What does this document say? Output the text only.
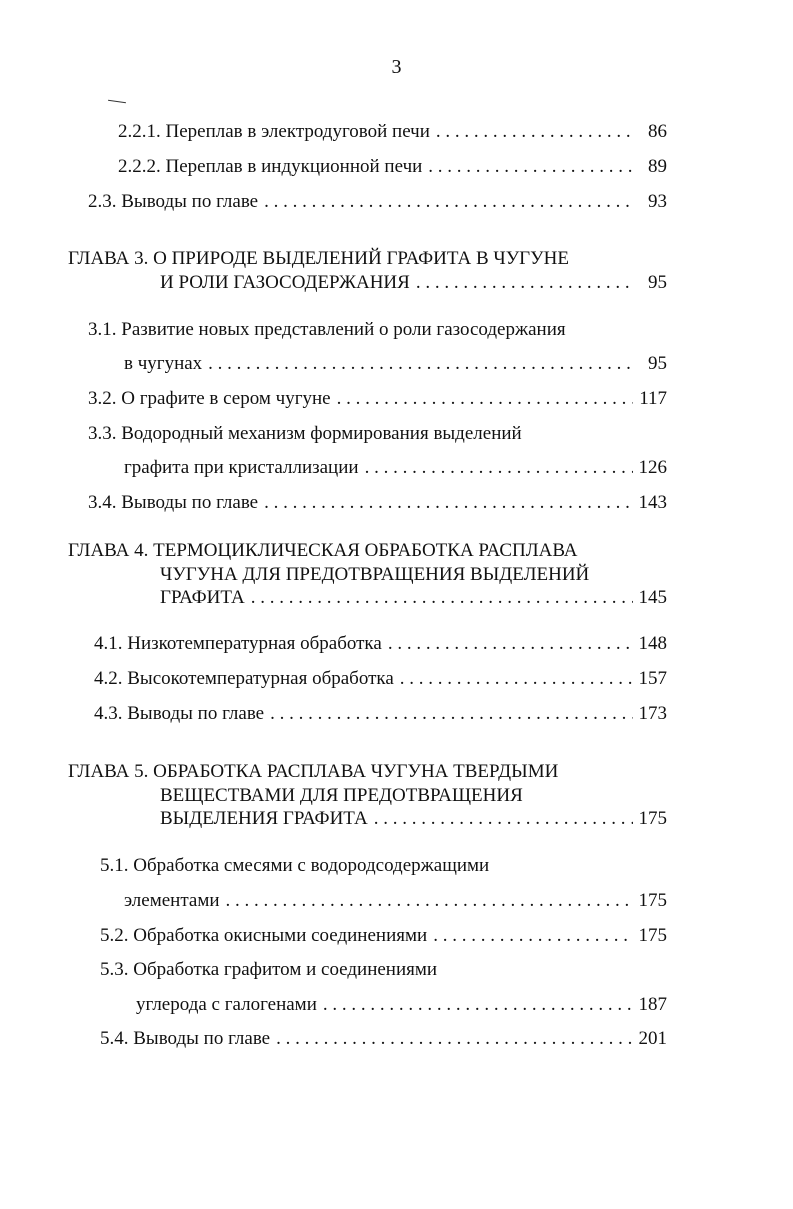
3
2.2.1. Переплав в электродуговой печи . . .	86
2.2.2. Переплав в индукционной печи . . .	89
2.3. Выводы по главе . . .	93
ГЛАВА 3. О ПРИРОДЕ ВЫДЕЛЕНИЙ ГРАФИТА В ЧУГУНЕ
И РОЛИ ГАЗОСОДЕРЖАНИЯ . . .	95
3.1. Развитие новых представлений о роли газосодержания
в чугунах . . .	95
3.2. О графите в сером чугуне . . .	117
3.3. Водородный механизм формирования выделений
графита при кристаллизации . . .	126
3.4. Выводы по главе . . .	143
ГЛАВА 4. ТЕРМОЦИКЛИЧЕСКАЯ ОБРАБОТКА РАСПЛАВА
ЧУГУНА ДЛЯ ПРЕДОТВРАЩЕНИЯ ВЫДЕЛЕНИЙ
ГРАФИТА . . .	145
4.1. Низкотемпературная обработка . . .	148
4.2. Высокотемпературная обработка . . .	157
4.3. Выводы по главе . . .	173
ГЛАВА 5. ОБРАБОТКА РАСПЛАВА ЧУГУНА ТВЕРДЫМИ
ВЕЩЕСТВАМИ ДЛЯ ПРЕДОТВРАЩЕНИЯ
ВЫДЕЛЕНИЯ ГРАФИТА . . .	175
5.1. Обработка смесями с водородсодержащими
элементами . . .	175
5.2. Обработка окисными соединениями . . .	175
5.3. Обработка графитом и соединениями
углерода с галогенами . . .	187
5.4. Выводы по главе . . .	201
